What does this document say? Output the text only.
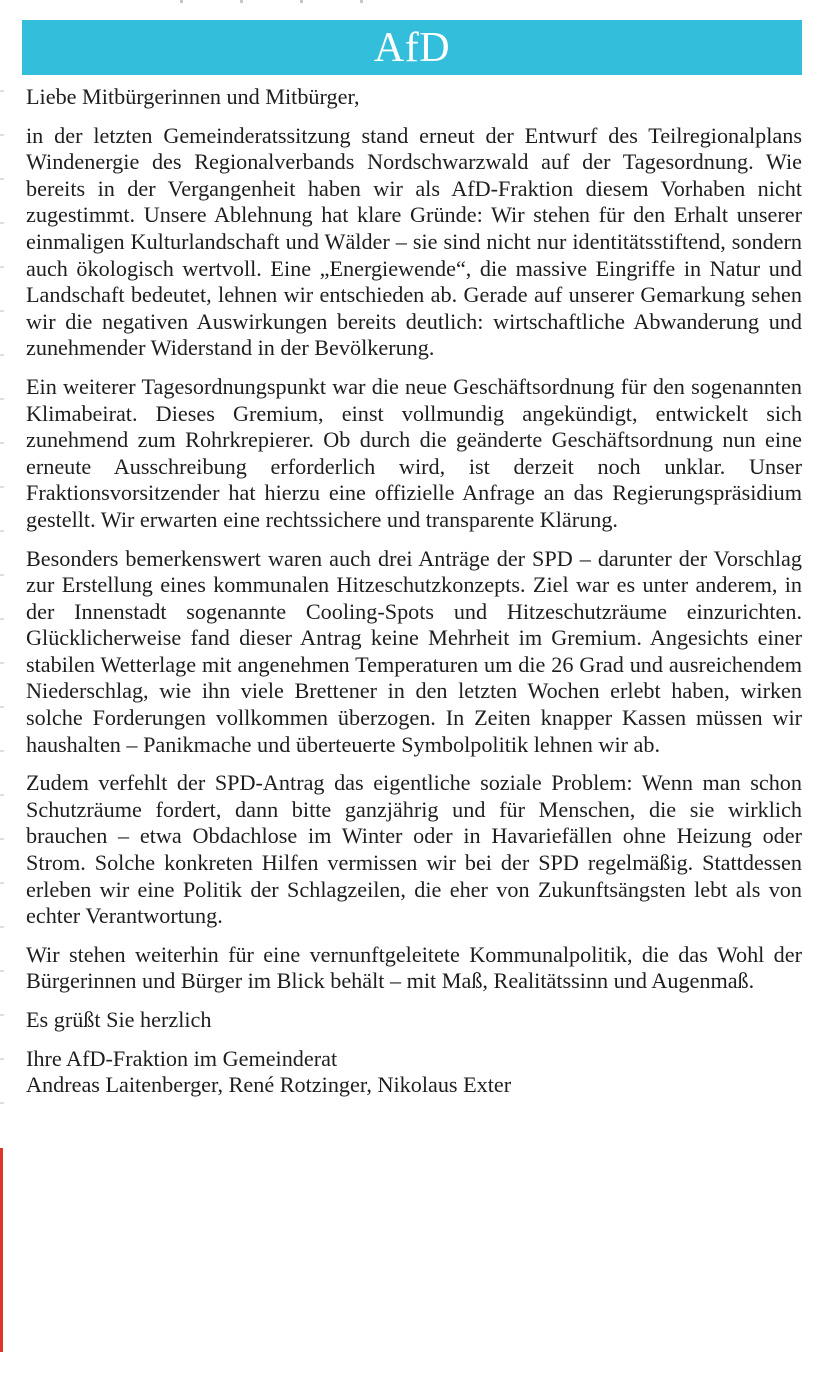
AfD

Liebe Mitbürgerinnen und Mitbürger,

in der letzten Gemeinderatssitzung stand erneut der Entwurf des Teilregionalplans Windenergie des Regionalverbands Nordschwarzwald auf der Tagesordnung. Wie bereits in der Vergangenheit haben wir als AfD-Fraktion diesem Vorhaben nicht zugestimmt. Unsere Ablehnung hat klare Gründe: Wir stehen für den Erhalt unserer einmaligen Kulturlandschaft und Wälder – sie sind nicht nur identitätsstiftend, sondern auch ökologisch wertvoll. Eine „Energiewende“, die massive Eingriffe in Natur und Landschaft bedeutet, lehnen wir entschieden ab. Gerade auf unserer Gemarkung sehen wir die negativen Auswirkungen bereits deutlich: wirtschaftliche Abwanderung und zunehmender Widerstand in der Bevölkerung.

Ein weiterer Tagesordnungspunkt war die neue Geschäftsordnung für den sogenannten Klimabeirat. Dieses Gremium, einst vollmundig angekündigt, entwickelt sich zunehmend zum Rohrkrepierer. Ob durch die geänderte Geschäftsordnung nun eine erneute Ausschreibung erforderlich wird, ist derzeit noch unklar. Unser Fraktionsvorsitzender hat hierzu eine offizielle Anfrage an das Regierungspräsidium gestellt. Wir erwarten eine rechtssichere und transparente Klärung.

Besonders bemerkenswert waren auch drei Anträge der SPD – darunter der Vorschlag zur Erstellung eines kommunalen Hitzeschutzkonzepts. Ziel war es unter anderem, in der Innenstadt sogenannte Cooling-Spots und Hitzeschutzräume einzurichten. Glücklicherweise fand dieser Antrag keine Mehrheit im Gremium. Angesichts einer stabilen Wetterlage mit angenehmen Temperaturen um die 26 Grad und ausreichendem Niederschlag, wie ihn viele Brettener in den letzten Wochen erlebt haben, wirken solche Forderungen vollkommen überzogen. In Zeiten knapper Kassen müssen wir haushalten – Panikmache und überteuerte Symbolpolitik lehnen wir ab.

Zudem verfehlt der SPD-Antrag das eigentliche soziale Problem: Wenn man schon Schutzräume fordert, dann bitte ganzjährig und für Menschen, die sie wirklich brauchen – etwa Obdachlose im Winter oder in Havariefällen ohne Heizung oder Strom. Solche konkreten Hilfen vermissen wir bei der SPD regelmäßig. Stattdessen erleben wir eine Politik der Schlagzeilen, die eher von Zukunftsängsten lebt als von echter Verantwortung.

Wir stehen weiterhin für eine vernunftgeleitete Kommunalpolitik, die das Wohl der Bürgerinnen und Bürger im Blick behält – mit Maß, Realitätssinn und Augenmaß.

Es grüßt Sie herzlich

Ihre AfD-Fraktion im Gemeinderat
Andreas Laitenberger, René Rotzinger, Nikolaus Exter
